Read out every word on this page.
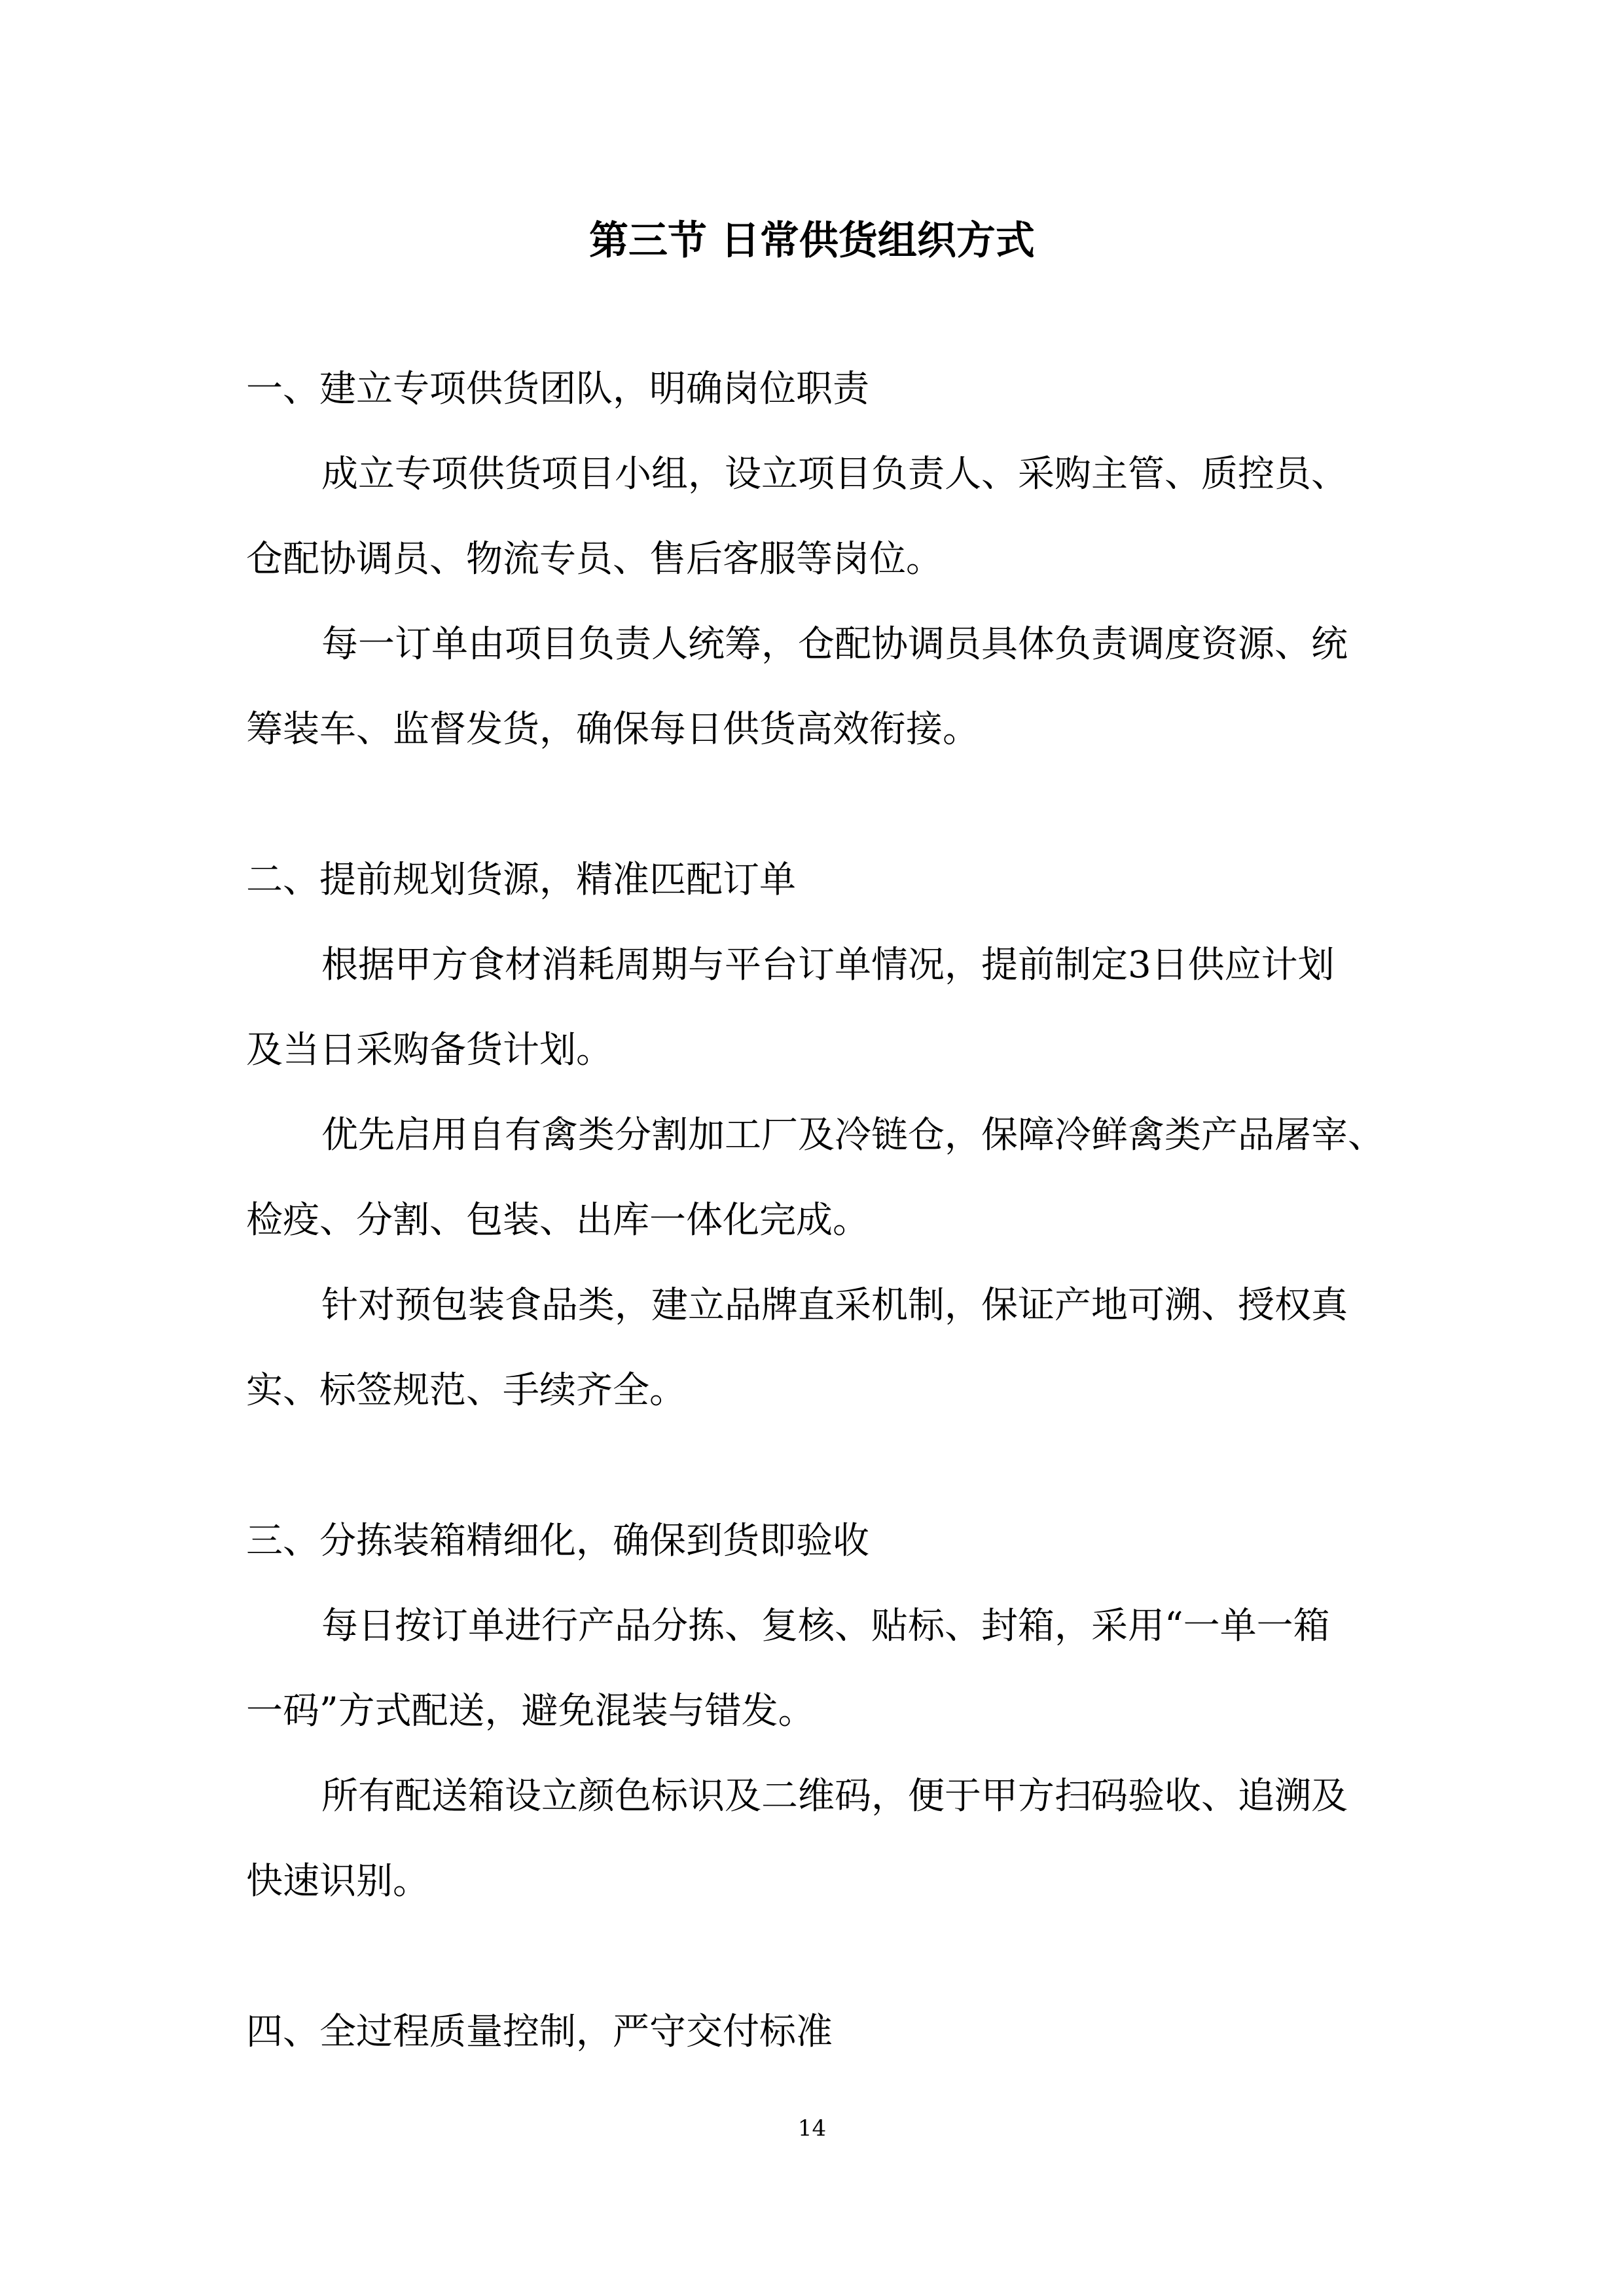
第三节 日常供货组织方式

一、建立专项供货团队，明确岗位职责

成立专项供货项目小组，设立项目负责人、采购主管、质控员、

仓配协调员、物流专员、售后客服等岗位。

每一订单由项目负责人统筹，仓配协调员具体负责调度资源、统

筹装车、监督发货，确保每日供货高效衔接。

二、提前规划货源，精准匹配订单

根据甲方食材消耗周期与平台订单情况，提前制定3日供应计划

及当日采购备货计划。

优先启用自有禽类分割加工厂及冷链仓，保障冷鲜禽类产品屠宰、

检疫、分割、包装、出库一体化完成。

针对预包装食品类，建立品牌直采机制，保证产地可溯、授权真

实、标签规范、手续齐全。

三、分拣装箱精细化，确保到货即验收

每日按订单进行产品分拣、复核、贴标、封箱，采用“一单一箱

一码”方式配送，避免混装与错发。

所有配送箱设立颜色标识及二维码，便于甲方扫码验收、追溯及

快速识别。

四、全过程质量控制，严守交付标准

14
